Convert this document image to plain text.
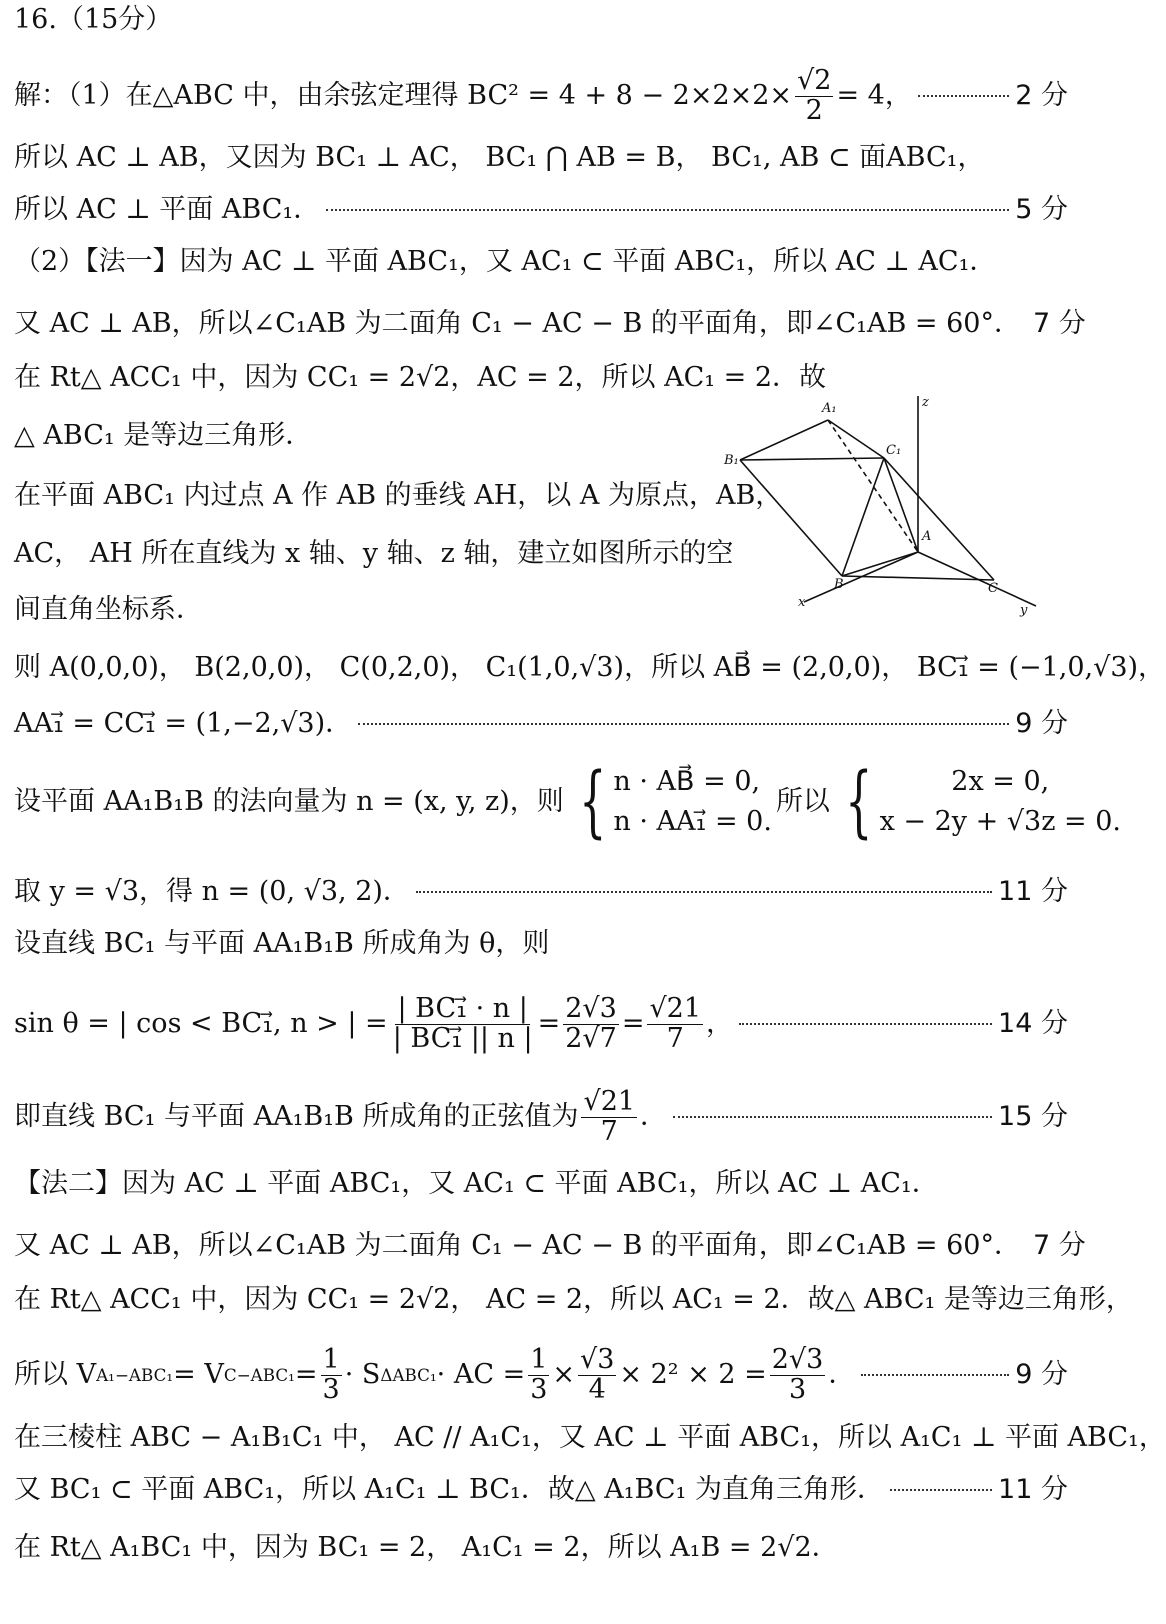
16.（15分）
解：（1）在△ABC 中，由余弦定理得 $BC^2 = 4 + 8 - 2\times 2\times 2\times \frac{√2}{2} = 4$，	2 分
所以 AC ⊥ AB，又因为 BC₁ ⊥ AC， BC₁ ⋂ AB = B， BC₁, AB ⊂ 面ABC₁，
所以 AC ⊥ 平面 ABC₁．	5 分
（2）【法一】因为 AC ⊥ 平面 ABC₁，又 AC₁ ⊂ 平面 ABC₁，所以 AC ⊥ AC₁．
又 AC ⊥ AB，所以∠C₁AB 为二面角 C₁ − AC − B 的平面角，即∠C₁AB = 60°． 7 分
在 Rt△ ACC₁ 中，因为 CC₁ = 2√2，AC = 2，所以 AC₁ = 2．故
△ ABC₁ 是等边三角形．
在平面 ABC₁ 内过点 A 作 AB 的垂线 AH，以 A 为原点，AB，
AC， AH 所在直线为 x 轴、y 轴、z 轴，建立如图所示的空
间直角坐标系．
A₁
B₁
C₁
A
B	C
x
y
z
则 A(0,0,0)， B(2,0,0)， C(0,2,0)， C₁(1,0,√3)，所以 AB⃗ = (2,0,0)， BC₁⃗ = (−1,0,√3)，
AA₁⃗ = CC₁⃗ = (1,−2,√3)．	9 分
设平面 AA₁B₁B 的法向量为 n = (x, y, z)，则 { n · AB⃗ = 0,
n · AA₁⃗ = 0.
所以 {	2x = 0,
x − 2y + √3z = 0.
取 y = √3，得 n = (0, √3, 2)．	11 分
设直线 BC₁ 与平面 AA₁B₁B 所成角为 θ，则
sin θ = | cos < BC₁⃗, n > | = $\frac{\text{| BC₁⃗ · n |}}{\text{| BC₁⃗ || n |}} = \frac{2√3}{2√7} = \frac{√21}{7}$ ，	14 分
即直线 BC₁ 与平面 AA₁B₁B 所成角的正弦值为 $\frac{√21}{7}$ ．	15 分
【法二】因为 AC ⊥ 平面 ABC₁，又 AC₁ ⊂ 平面 ABC₁，所以 AC ⊥ AC₁．
又 AC ⊥ AB，所以∠C₁AB 为二面角 C₁ − AC − B 的平面角，即∠C₁AB = 60°． 7 分
在 Rt△ ACC₁ 中，因为 CC₁ = 2√2， AC = 2，所以 AC₁ = 2．故△ ABC₁ 是等边三角形，
所以 V A₁−ABC₁ = V $C-ABC_1 = \frac{1}{3} \cdot S$ ΔABC₁ · AC = $\frac{1}{3} \times \frac{√3}{4} \times 2^2 \times 2 = \frac{2√3}{3}$ ．	9 分
在三棱柱 ABC − A₁B₁C₁ 中， AC // A₁C₁，又 AC ⊥ 平面 ABC₁，所以 A₁C₁ ⊥ 平面 ABC₁，
又 BC₁ ⊂ 平面 ABC₁，所以 A₁C₁ ⊥ BC₁．故△ A₁BC₁ 为直角三角形．	11 分
在 Rt△ A₁BC₁ 中，因为 BC₁ = 2， A₁C₁ = 2，所以 A₁B = 2√2．
